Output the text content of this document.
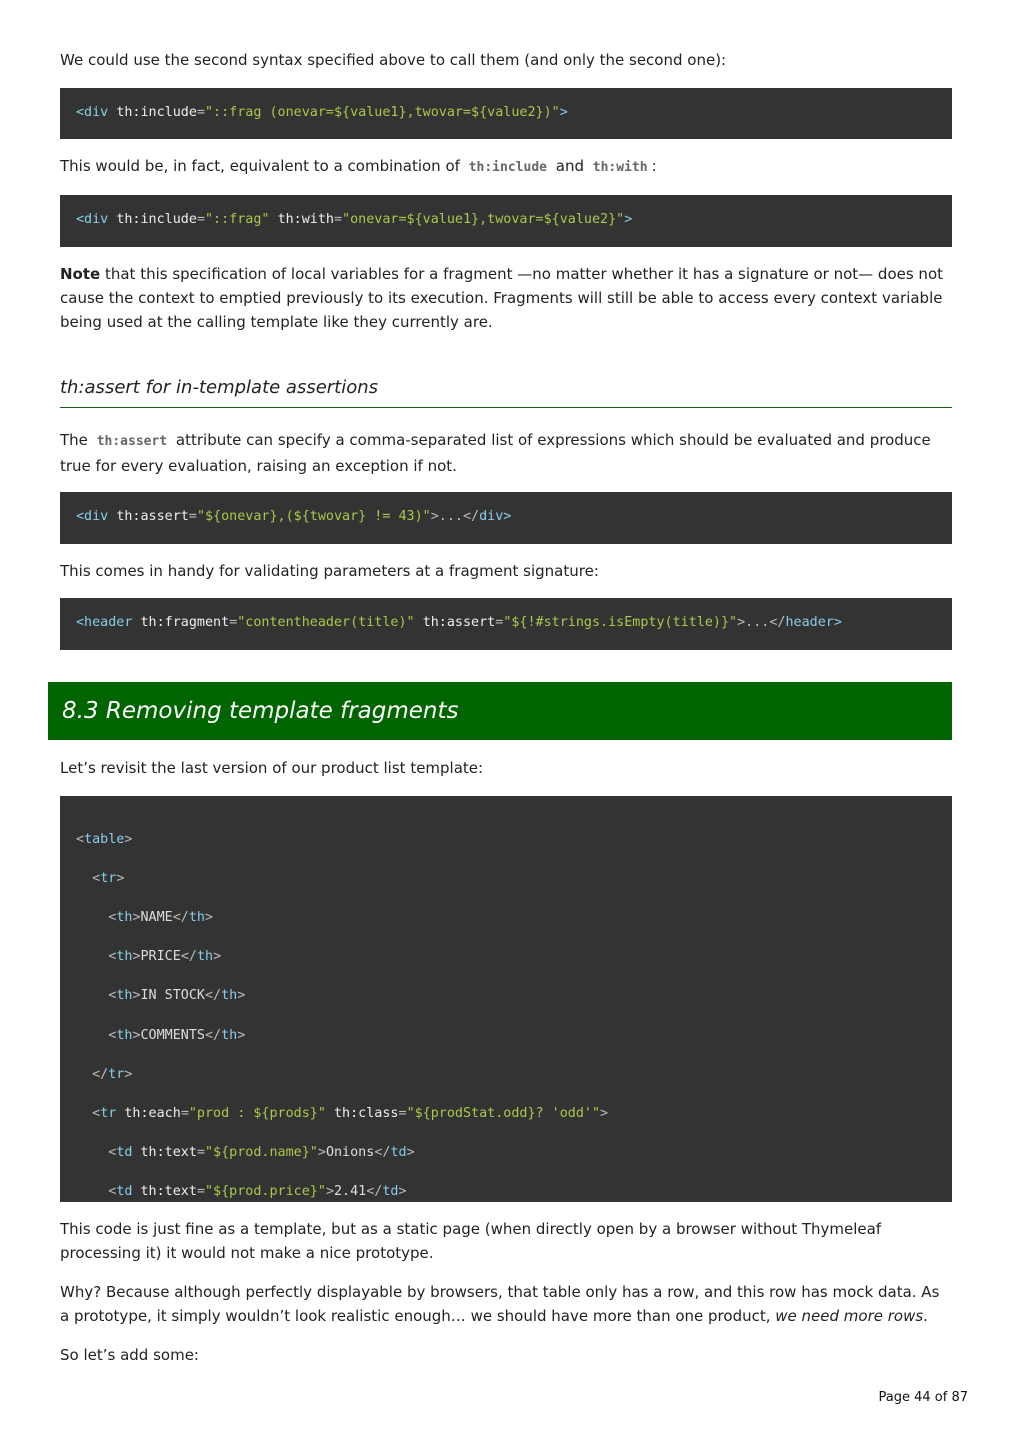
We could use the second syntax specified above to call them (and only the second one):

<div th:include="::frag (onevar=${value1},twovar=${value2})">

This would be, in fact, equivalent to a combination of th:include and th:with :

<div th:include="::frag" th:with="onevar=${value1},twovar=${value2}">

Note that this specification of local variables for a fragment —no matter whether it has a signature or not— does not cause the context to emptied previously to its execution. Fragments will still be able to access every context variable being used at the calling template like they currently are.

th:assert for in-template assertions

The th:assert attribute can specify a comma-separated list of expressions which should be evaluated and produce true for every evaluation, raising an exception if not.

<div th:assert="${onevar},(${twovar} != 43)">...</div>

This comes in handy for validating parameters at a fragment signature:

<header th:fragment="contentheader(title)" th:assert="${!#strings.isEmpty(title)}">...</header>
8.3 Removing template fragments

Let’s revisit the last version of our product list template:

<table>

<tr>

<th>NAME</th>

<th>PRICE</th>

<th>IN STOCK</th>

<th>COMMENTS</th>

</tr>

<tr th:each="prod : ${prods}" th:class="${prodStat.odd}? 'odd'">

<td th:text="${prod.name}">Onions</td>

<td th:text="${prod.price}">2.41</td>

This code is just fine as a template, but as a static page (when directly open by a browser without Thymeleaf processing it) it would not make a nice prototype.

Why? Because although perfectly displayable by browsers, that table only has a row, and this row has mock data. As a prototype, it simply wouldn’t look realistic enough… we should have more than one product, we need more rows.

So let’s add some:

Page 44 of 87
